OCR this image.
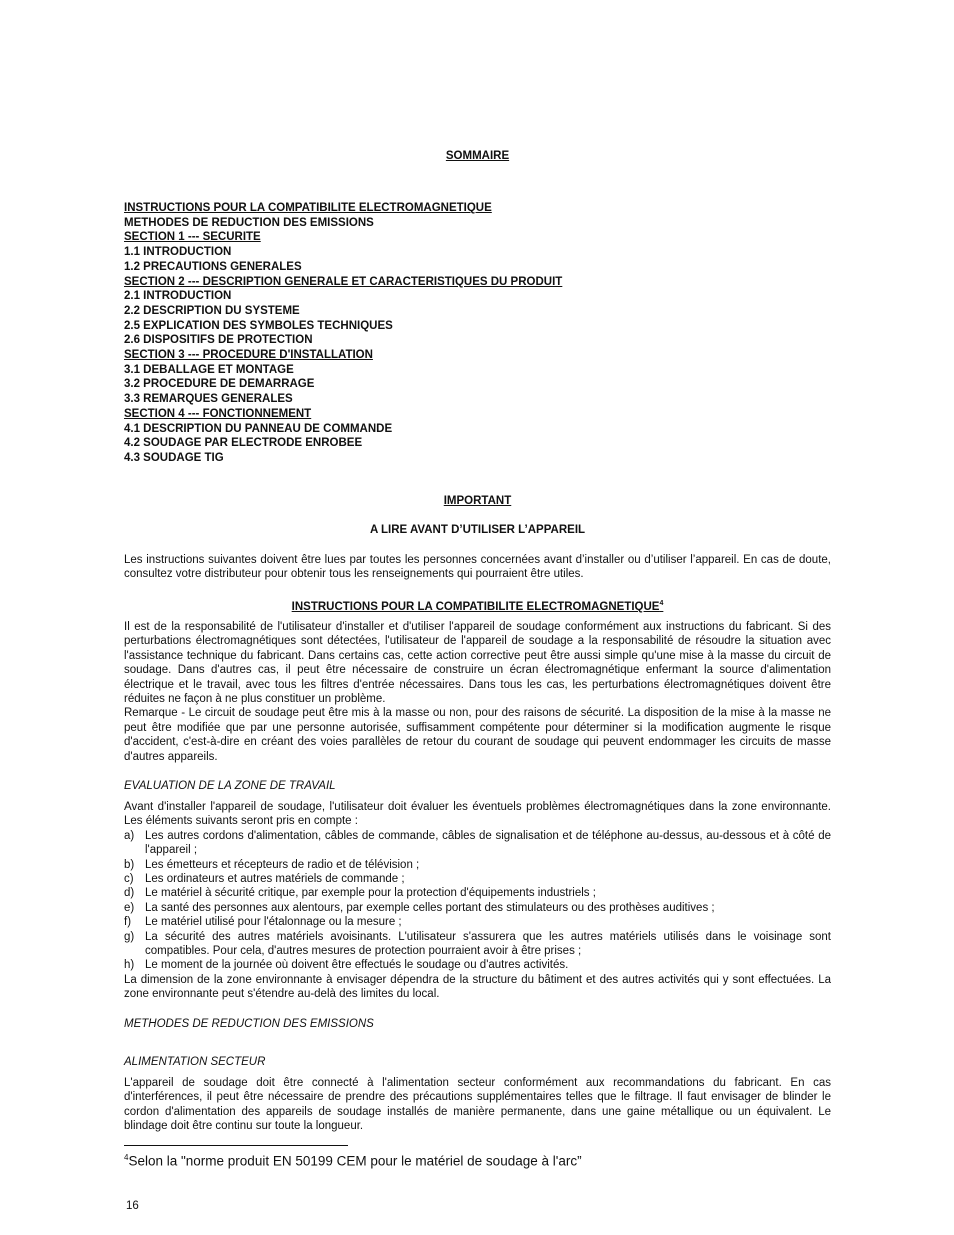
SOMMAIRE
INSTRUCTIONS POUR LA COMPATIBILITE ELECTROMAGNETIQUE
METHODES DE REDUCTION DES EMISSIONS
SECTION 1 --- SECURITE
1.1 INTRODUCTION
1.2 PRECAUTIONS GENERALES
SECTION 2 --- DESCRIPTION GENERALE ET CARACTERISTIQUES DU PRODUIT
2.1 INTRODUCTION
2.2 DESCRIPTION DU SYSTEME
2.5 EXPLICATION DES SYMBOLES TECHNIQUES
2.6 DISPOSITIFS DE PROTECTION
SECTION 3 --- PROCEDURE D'INSTALLATION
3.1 DEBALLAGE ET MONTAGE
3.2 PROCEDURE DE DEMARRAGE
3.3 REMARQUES GENERALES
SECTION 4 --- FONCTIONNEMENT
4.1 DESCRIPTION DU PANNEAU DE COMMANDE
4.2 SOUDAGE PAR ELECTRODE ENROBEE
4.3 SOUDAGE TIG
IMPORTANT
A LIRE AVANT D’UTILISER L’APPAREIL

Les instructions suivantes doivent être lues par toutes les personnes concernées avant d’installer ou d’utiliser l’appareil. En cas de doute, consultez votre distributeur pour obtenir tous les renseignements qui pourraient être utiles.

INSTRUCTIONS POUR LA COMPATIBILITE ELECTROMAGNETIQUE$^4$

Il est de la responsabilité de l'utilisateur d'installer et d'utiliser l'appareil de soudage conformément aux instructions du fabricant. Si des perturbations électromagnétiques sont détectées, l'utilisateur de l'appareil de soudage a la responsabilité de résoudre la situation avec l'assistance technique du fabricant. Dans certains cas, cette action corrective peut être aussi simple qu'une mise à la masse du circuit de soudage. Dans d'autres cas, il peut être nécessaire de construire un écran électromagnétique enfermant la source d'alimentation électrique et le travail, avec tous les filtres d'entrée nécessaires. Dans tous les cas, les perturbations électromagnétiques doivent être réduites ne façon à ne plus constituer un problème.

Remarque - Le circuit de soudage peut être mis à la masse ou non, pour des raisons de sécurité. La disposition de la mise à la masse ne peut être modifiée que par une personne autorisée, suffisamment compétente pour déterminer si la modification augmente le risque d'accident, c'est-à-dire en créant des voies parallèles de retour du courant de soudage qui peuvent endommager les circuits de masse d'autres appareils.

EVALUATION DE LA ZONE DE TRAVAIL

Avant d'installer l'appareil de soudage, l'utilisateur doit évaluer les éventuels problèmes électromagnétiques dans la zone environnante. Les éléments suivants seront pris en compte :

a) Les autres cordons d'alimentation, câbles de commande, câbles de signalisation et de téléphone au-dessus, au-dessous et à côté de l'appareil ;
b) Les émetteurs et récepteurs de radio et de télévision ;
c) Les ordinateurs et autres matériels de commande ;
d) Le matériel à sécurité critique, par exemple pour la protection d'équipements industriels ;
e) La santé des personnes aux alentours, par exemple celles portant des stimulateurs ou des prothèses auditives ;
f)	Le matériel utilisé pour l'étalonnage ou la mesure ;
g) La sécurité des autres matériels avoisinants. L'utilisateur s'assurera que les autres matériels utilisés dans le voisinage sont compatibles. Pour cela, d'autres mesures de protection pourraient avoir à être prises ;
h) Le moment de la journée où doivent être effectués le soudage ou d'autres activités.

La dimension de la zone environnante à envisager dépendra de la structure du bâtiment et des autres activités qui y sont effectuées. La zone environnante peut s'étendre au-delà des limites du local.

METHODES DE REDUCTION DES EMISSIONS

ALIMENTATION SECTEUR

L'appareil de soudage doit être connecté à l'alimentation secteur conformément aux recommandations du fabricant. En cas d'interférences, il peut être nécessaire de prendre des précautions supplémentaires telles que le filtrage. Il faut envisager de blinder le cordon d'alimentation des appareils de soudage installés de manière permanente, dans une gaine métallique ou un équivalent. Le blindage doit être continu sur toute la longueur.

$^4$Selon la "norme produit EN 50199 CEM pour le matériel de soudage à l'arc”
16
